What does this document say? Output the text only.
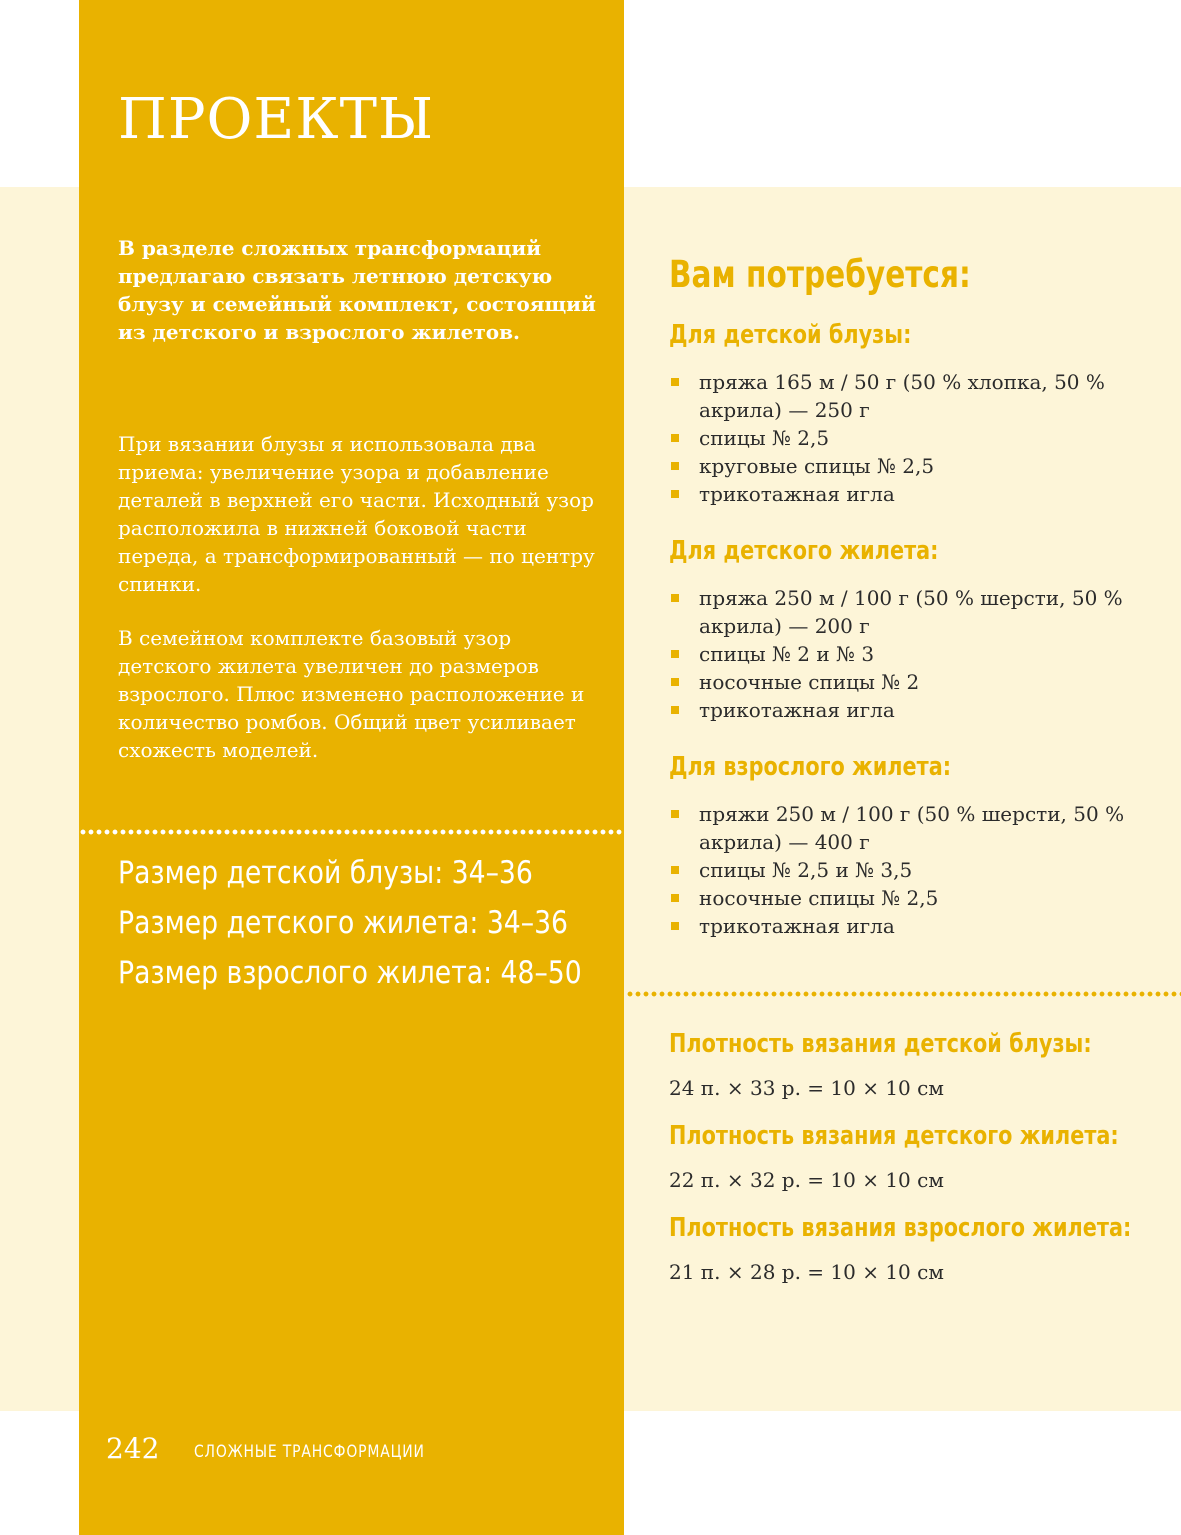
ПРОЕКТЫ

В разделе сложных трансформаций предлагаю связать летнюю детскую блузу и семейный комплект, состоящий из детского и взрослого жилетов.

При вязании блузы я использовала два приема: увеличение узора и добавление деталей в верхней его части. Исходный узор расположила в нижней боковой части переда, а трансформированный — по центру спинки.

В семейном комплекте базовый узор детского жилета увеличен до размеров взрослого. Плюс изменено расположение и количество ромбов. Общий цвет усиливает схожесть моделей.

Размер детской блузы: 34–36
Размер детского жилета: 34–36
Размер взрослого жилета: 48–50
Вам потребуется:
Для детской блузы:
пряжа 165 м / 50 г (50 % хлопка, 50 % акрила) — 250 г
спицы № 2,5
круговые спицы № 2,5
трикотажная игла
Для детского жилета:
пряжа 250 м / 100 г (50 % шерсти, 50 % акрила) — 200 г
спицы № 2 и № 3
носочные спицы № 2
трикотажная игла
Для взрослого жилета:
пряжи 250 м / 100 г (50 % шерсти, 50 % акрила) — 400 г
спицы № 2,5 и № 3,5
носочные спицы № 2,5
трикотажная игла
Плотность вязания детской блузы:

24 п. × 33 р. = 10 × 10 см

Плотность вязания детского жилета:

22 п. × 32 р. = 10 × 10 см

Плотность вязания взрослого жилета:

21 п. × 28 р. = 10 × 10 см

242 СЛОЖНЫЕ ТРАНСФОРМАЦИИ
